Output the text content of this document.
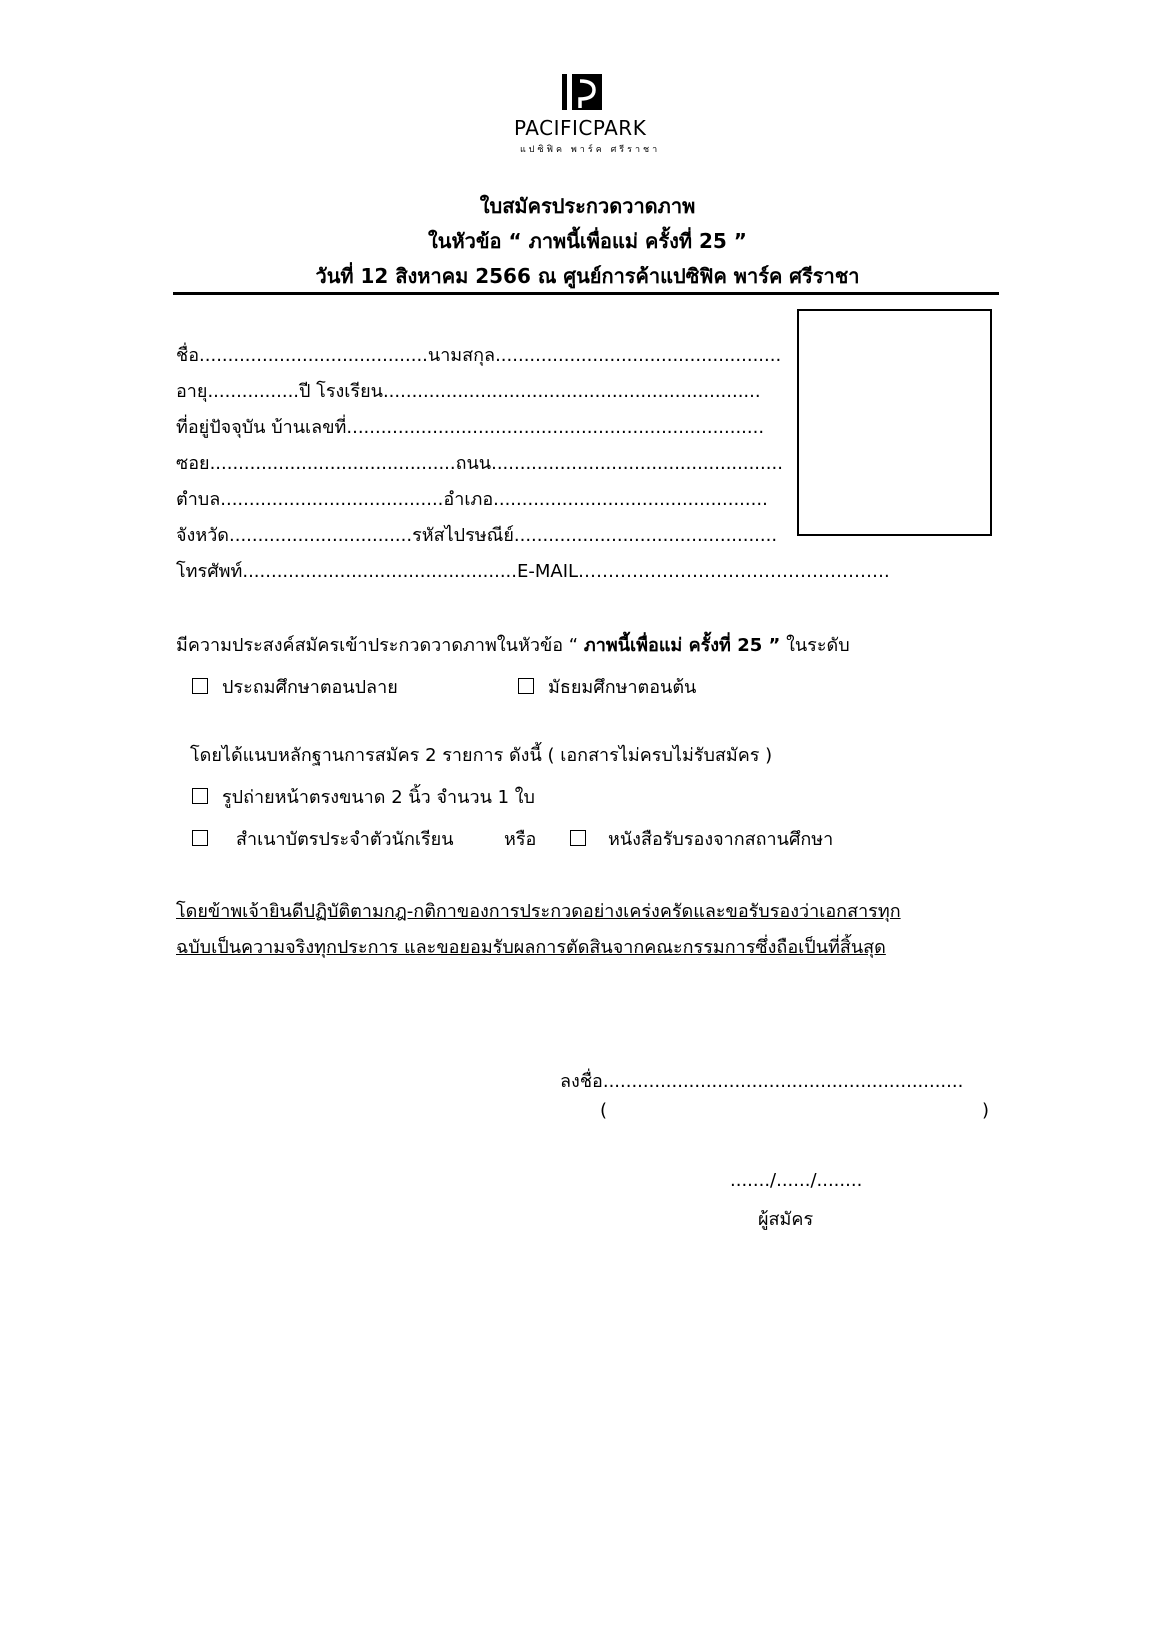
PACIFICPARK
แปซิฟิค พาร์ค ศรีราชา
ใบสมัครประกวดวาดภาพ
ในหัวข้อ “ ภาพนี้เพื่อแม่ ครั้งที่ 25 ”
วันที่ 12 สิงหาคม 2566 ณ ศูนย์การค้าแปซิฟิค พาร์ค ศรีราชา
ชื่อ........................................นามสกุล..................................................
อายุ................ปี โรงเรียน..................................................................
ที่อยู่ปัจจุบัน บ้านเลขที่.........................................................................
ซอย...........................................ถนน...................................................
ตำบล.......................................อำเภอ................................................
จังหวัด................................รหัสไปรษณีย์..............................................
โทรศัพท์................................................E-MAIL…………………………………………….
มีความประสงค์สมัครเข้าประกวดวาดภาพในหัวข้อ “ ภาพนี้เพื่อแม่ ครั้งที่ 25 ” ในระดับ
ประถมศึกษาตอนปลาย	มัธยมศึกษาตอนต้น
โดยได้แนบหลักฐานการสมัคร 2 รายการ ดังนี้ ( เอกสารไม่ครบไม่รับสมัคร )
รูปถ่ายหน้าตรงขนาด 2 นิ้ว จำนวน 1 ใบ
สำเนาบัตรประจำตัวนักเรียน	หรือ	หนังสือรับรองจากสถานศึกษา
โดยข้าพเจ้ายินดีปฏิบัติตามกฎ-กติกาของการประกวดอย่างเคร่งครัดและขอรับรองว่าเอกสารทุก
ฉบับเป็นความจริงทุกประการ และขอยอมรับผลการตัดสินจากคณะกรรมการซึ่งถือเป็นที่สิ้นสุด
ลงชื่อ...............................................................
(	)
......./....../........
ผู้สมัคร
